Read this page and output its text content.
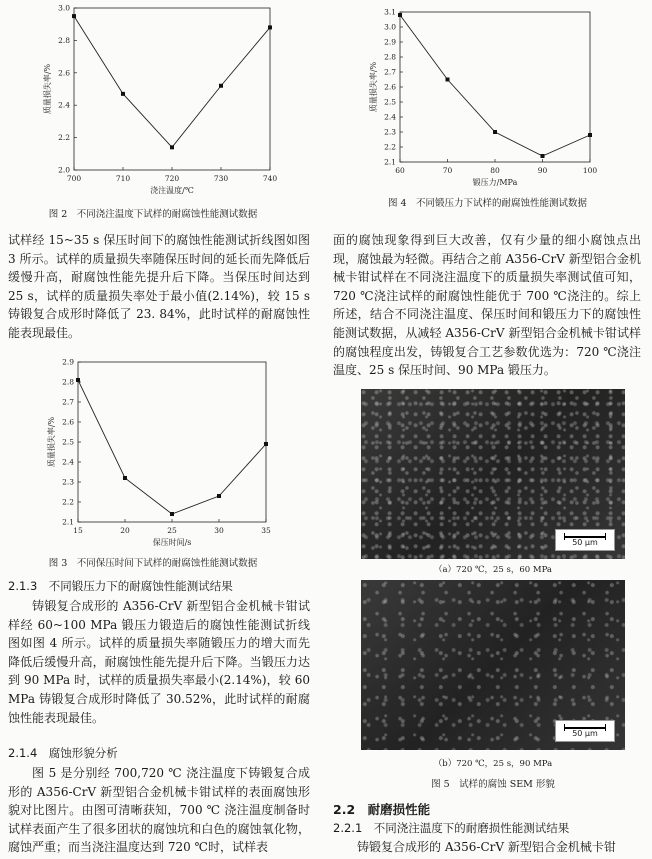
2.0
2.2
2.4
2.6
2.8
3.0
700	710	720	730	740
浇注温度/℃
质量损失率/%
图 2　不同浇注温度下试样的耐腐蚀性能测试数据
2.1
2.2
2.3
2.4
2.5
2.6
2.7
2.8
2.9
3.0
3.1
60	70	80	90	100
锻压力/MPa
质量损失率/%
图 4　不同锻压力下试样的耐腐蚀性能测试数据
试样经 15~35 s 保压时间下的腐蚀性能测试折线图如图 3 所示。试样的质量损失率随保压时间的延长而先降低后缓慢升高，耐腐蚀性能先提升后下降。当保压时间达到 25 s，试样的质量损失率处于最小值(2.14%)，较 15 s 铸锻复合成形时降低了 23. 84%，此时试样的耐腐蚀性能表现最佳。
2.1
2.2
2.3
2.4
2.5
2.6
2.7
2.8
2.9
15	20	25	30	35
保压时间/s
质量损失率/%
图 3　不同保压时间下试样的耐腐蚀性能测试数据
2.1.3　不同锻压力下的耐腐蚀性能测试结果
铸锻复合成形的 A356-CrV 新型铝合金机械卡钳试样经 60~100 MPa 锻压力锻造后的腐蚀性能测试折线图如图 4 所示。试样的质量损失率随锻压力的增大而先降低后缓慢升高，耐腐蚀性能先提升后下降。当锻压力达到 90 MPa 时，试样的质量损失率最小(2.14%)，较 60 MPa 铸锻复合成形时降低了 30.52%，此时试样的耐腐蚀性能表现最佳。
2.1.4　腐蚀形貌分析
图 5 是分别经 700,720 ℃ 浇注温度下铸锻复合成形的 A356-CrV 新型铝合金机械卡钳试样的表面腐蚀形貌对比图片。由图可清晰获知，700 ℃ 浇注温度制备时试样表面产生了很多团状的腐蚀坑和白色的腐蚀氧化物，腐蚀严重；而当浇注温度达到 720 ℃时，试样表
面的腐蚀现象得到巨大改善，仅有少量的细小腐蚀点出现，腐蚀最为轻微。再结合之前 A356-CrV 新型铝合金机械卡钳试样在不同浇注温度下的质量损失率测试值可知，720 ℃浇注试样的耐腐蚀性能优于 700 ℃浇注的。综上所述，结合不同浇注温度、保压时间和锻压力下的腐蚀性能测试数据，从减轻 A356-CrV 新型铝合金机械卡钳试样的腐蚀程度出发，铸锻复合工艺参数优选为：720 ℃浇注温度、25 s 保压时间、90 MPa 锻压力。
50 μm
（a）720 ℃，25 s，60 MPa
50 μm
（b）720 ℃，25 s，90 MPa
图 5　试样的腐蚀 SEM 形貌
2.2　耐磨损性能
2.2.1　不同浇注温度下的耐磨损性能测试结果
铸锻复合成形的 A356-CrV 新型铝合金机械卡钳
